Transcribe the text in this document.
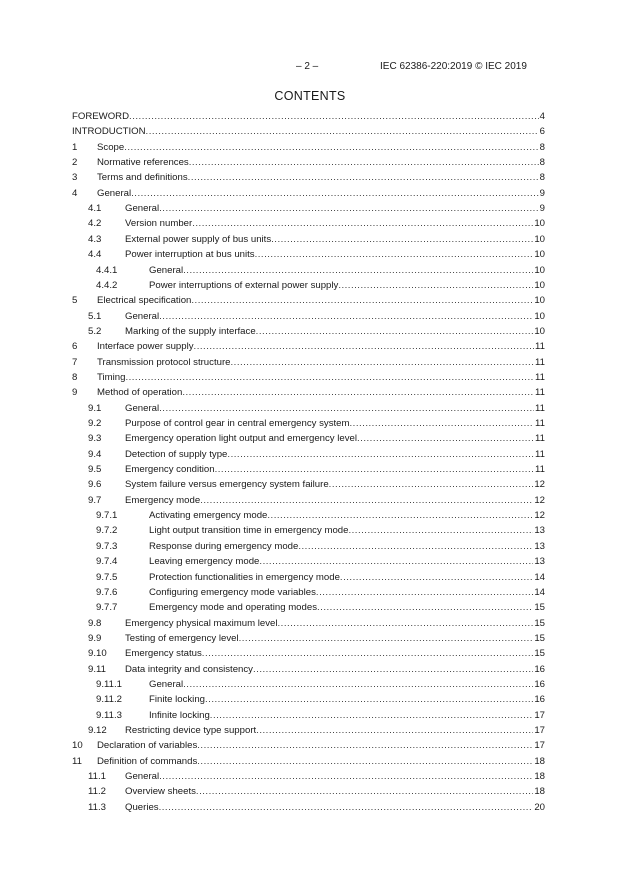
– 2 –	IEC 62386-220:2019 © IEC 2019
CONTENTS
FOREWORD .....	4
INTRODUCTION .....	6
1 Scope .....	8
2 Normative references .....	8
3 Terms and definitions .....	8
4 General .....	9
4.1 General .....	9
4.2 Version number .....	10
4.3 External power supply of bus units .....	10
4.4 Power interruption at bus units .....	10
4.4.1	General .....	10
4.4.2	Power interruptions of external power supply .....	10
5 Electrical specification .....	10
5.1 General .....	10
5.2 Marking of the supply interface .....	10
6 Interface power supply .....	11
7 Transmission protocol structure .....	11
8 Timing .....	11
9 Method of operation .....	11
9.1 General .....	11
9.2 Purpose of control gear in central emergency system .....	11
9.3 Emergency operation light output and emergency level .....	11
9.4 Detection of supply type .....	11
9.5 Emergency condition .....	11
9.6 System failure versus emergency system failure .....	12
9.7 Emergency mode .....	12
9.7.1	Activating emergency mode .....	12
9.7.2	Light output transition time in emergency mode .....	13
9.7.3	Response during emergency mode .....	13
9.7.4	Leaving emergency mode .....	13
9.7.5	Protection functionalities in emergency mode .....	14
9.7.6	Configuring emergency mode variables .....	14
9.7.7	Emergency mode and operating modes .....	15
9.8 Emergency physical maximum level .....	15
9.9 Testing of emergency level .....	15
9.10 Emergency status .....	15
9.11 Data integrity and consistency .....	16
9.11.1	General .....	16
9.11.2	Finite locking .....	16
9.11.3	Infinite locking .....	17
9.12 Restricting device type support .....	17
10 Declaration of variables .....	17
11 Definition of commands .....	18
11.1 General .....	18
11.2 Overview sheets .....	18
11.3 Queries .....	20
